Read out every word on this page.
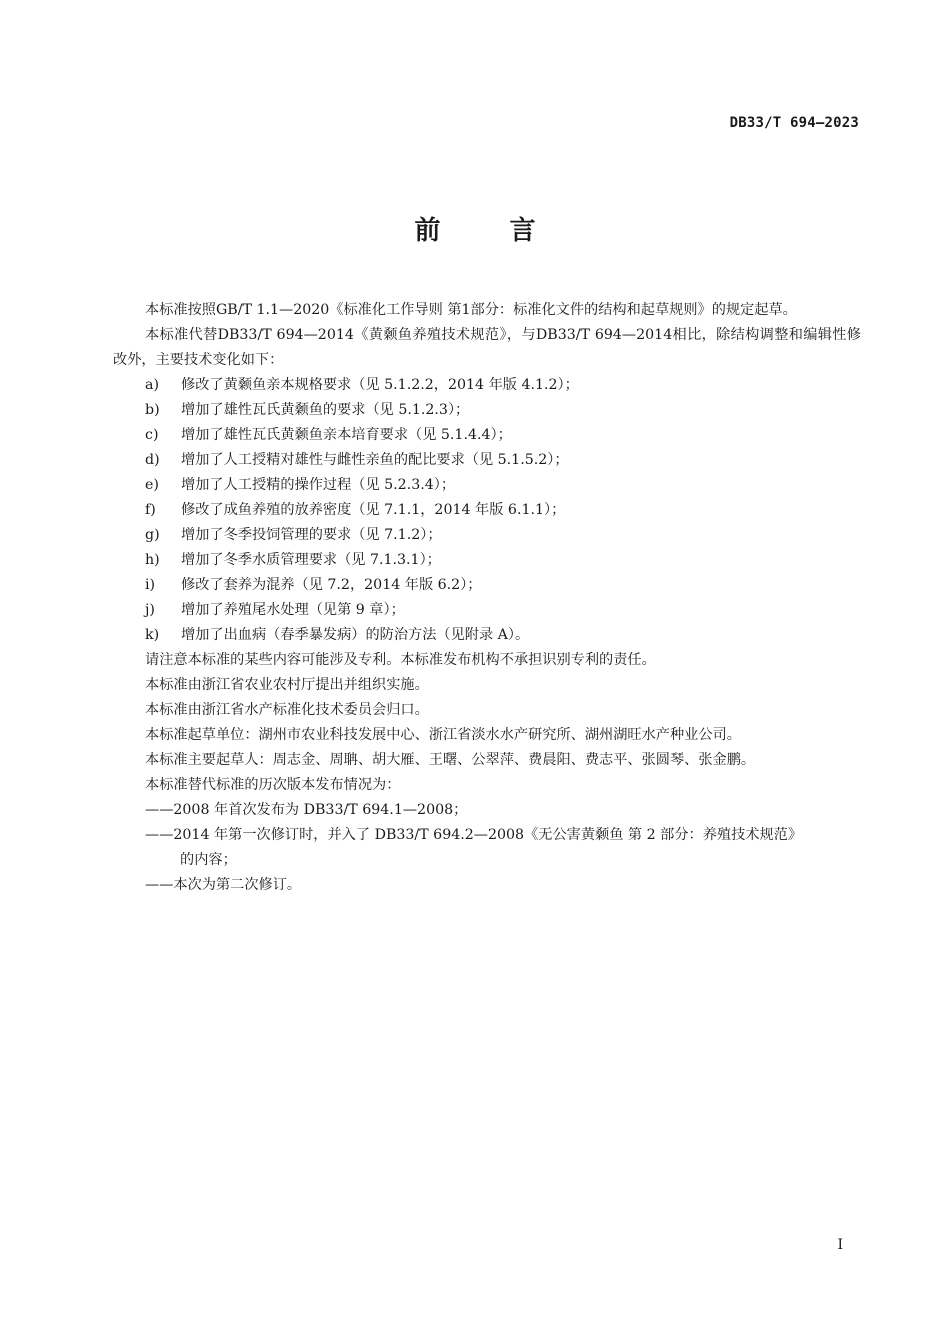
DB33/T 694—2023
前 言

本标准按照GB/T 1.1—2020《标准化工作导则 第1部分：标准化文件的结构和起草规则》的规定起草。

本标准代替DB33/T 694—2014《黄颡鱼养殖技术规范》，与DB33/T 694—2014相比，除结构调整和编辑性修改外，主要技术变化如下：

a) 修改了黄颡鱼亲本规格要求（见 5.1.2.2，2014 年版 4.1.2）；

b) 增加了雄性瓦氏黄颡鱼的要求（见 5.1.2.3）；

c) 增加了雄性瓦氏黄颡鱼亲本培育要求（见 5.1.4.4）；

d) 增加了人工授精对雄性与雌性亲鱼的配比要求（见 5.1.5.2）；

e) 增加了人工授精的操作过程（见 5.2.3.4）；

f) 修改了成鱼养殖的放养密度（见 7.1.1，2014 年版 6.1.1）；

g) 增加了冬季投饲管理的要求（见 7.1.2）；

h) 增加了冬季水质管理要求（见 7.1.3.1）；

i) 修改了套养为混养（见 7.2，2014 年版 6.2）；

j) 增加了养殖尾水处理（见第 9 章）；

k) 增加了出血病（春季暴发病）的防治方法（见附录 A）。

请注意本标准的某些内容可能涉及专利。本标准发布机构不承担识别专利的责任。

本标准由浙江省农业农村厅提出并组织实施。

本标准由浙江省水产标准化技术委员会归口。

本标准起草单位：湖州市农业科技发展中心、浙江省淡水水产研究所、湖州湖旺水产种业公司。

本标准主要起草人：周志金、周聃、胡大雁、王曙、公翠萍、费晨阳、费志平、张圆琴、张金鹏。

本标准替代标准的历次版本发布情况为：

——2008 年首次发布为 DB33/T 694.1—2008；

——2014 年第一次修订时，并入了 DB33/T 694.2—2008《无公害黄颡鱼 第 2 部分：养殖技术规范》

的内容；

——本次为第二次修订。

I
